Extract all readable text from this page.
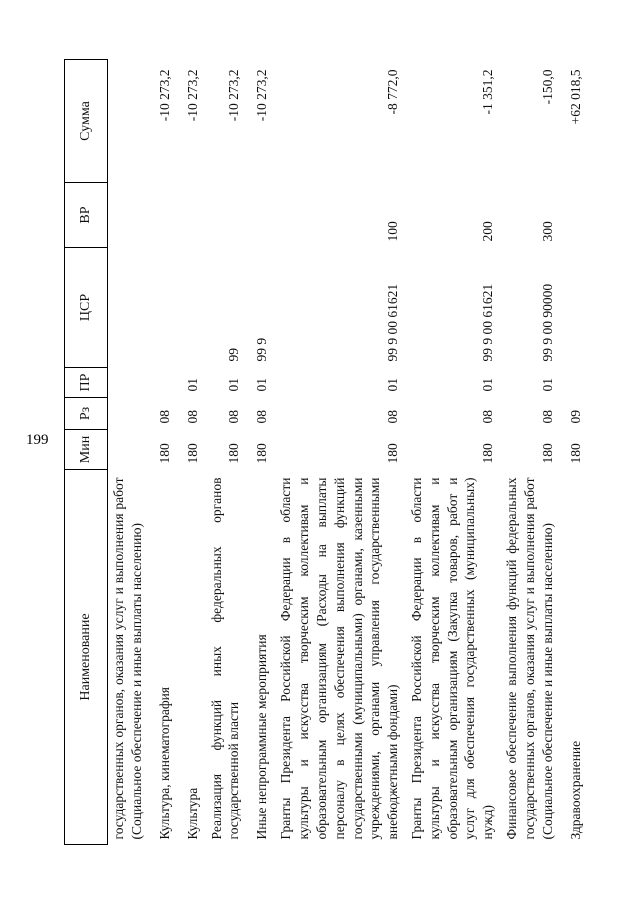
199
Наименование	Мин	Рз	ПР	ЦСР	ВР	Сумма
государственных органов, оказания услуг и выполнения работ (Социальное обеспечение и иные выплаты населению)						
Культура, кинематография	180	08				-10 273,2
Культура	180	08	01			-10 273,2
Реализация функций иных федеральных органов государственной власти	180	08	01	99		-10 273,2
Иные непрограммные мероприятия	180	08	01	99 9		-10 273,2
Гранты Президента Российской Федерации в области культуры и искусства творческим коллективам и образовательным организациям (Расходы на выплаты персоналу в целях обеспечения выполнения функций государственными (муниципальными) органами, казенными учреждениями, органами управления государственными внебюджетными фондами)	180	08	01	99 9 00 61621	100	-8 772,0
Гранты Президента Российской Федерации в области культуры и искусства творческим коллективам и образовательным организациям (Закупка товаров, работ и услуг для обеспечения государственных (муниципальных) нужд)	180	08	01	99 9 00 61621	200	-1 351,2
Финансовое обеспечение выполнения функций федеральных государственных органов, оказания услуг и выполнения работ (Социальное обеспечение и иные выплаты населению)	180	08	01	99 9 00 90000	300	-150,0
Здравоохранение	180	09				+62 018,5
